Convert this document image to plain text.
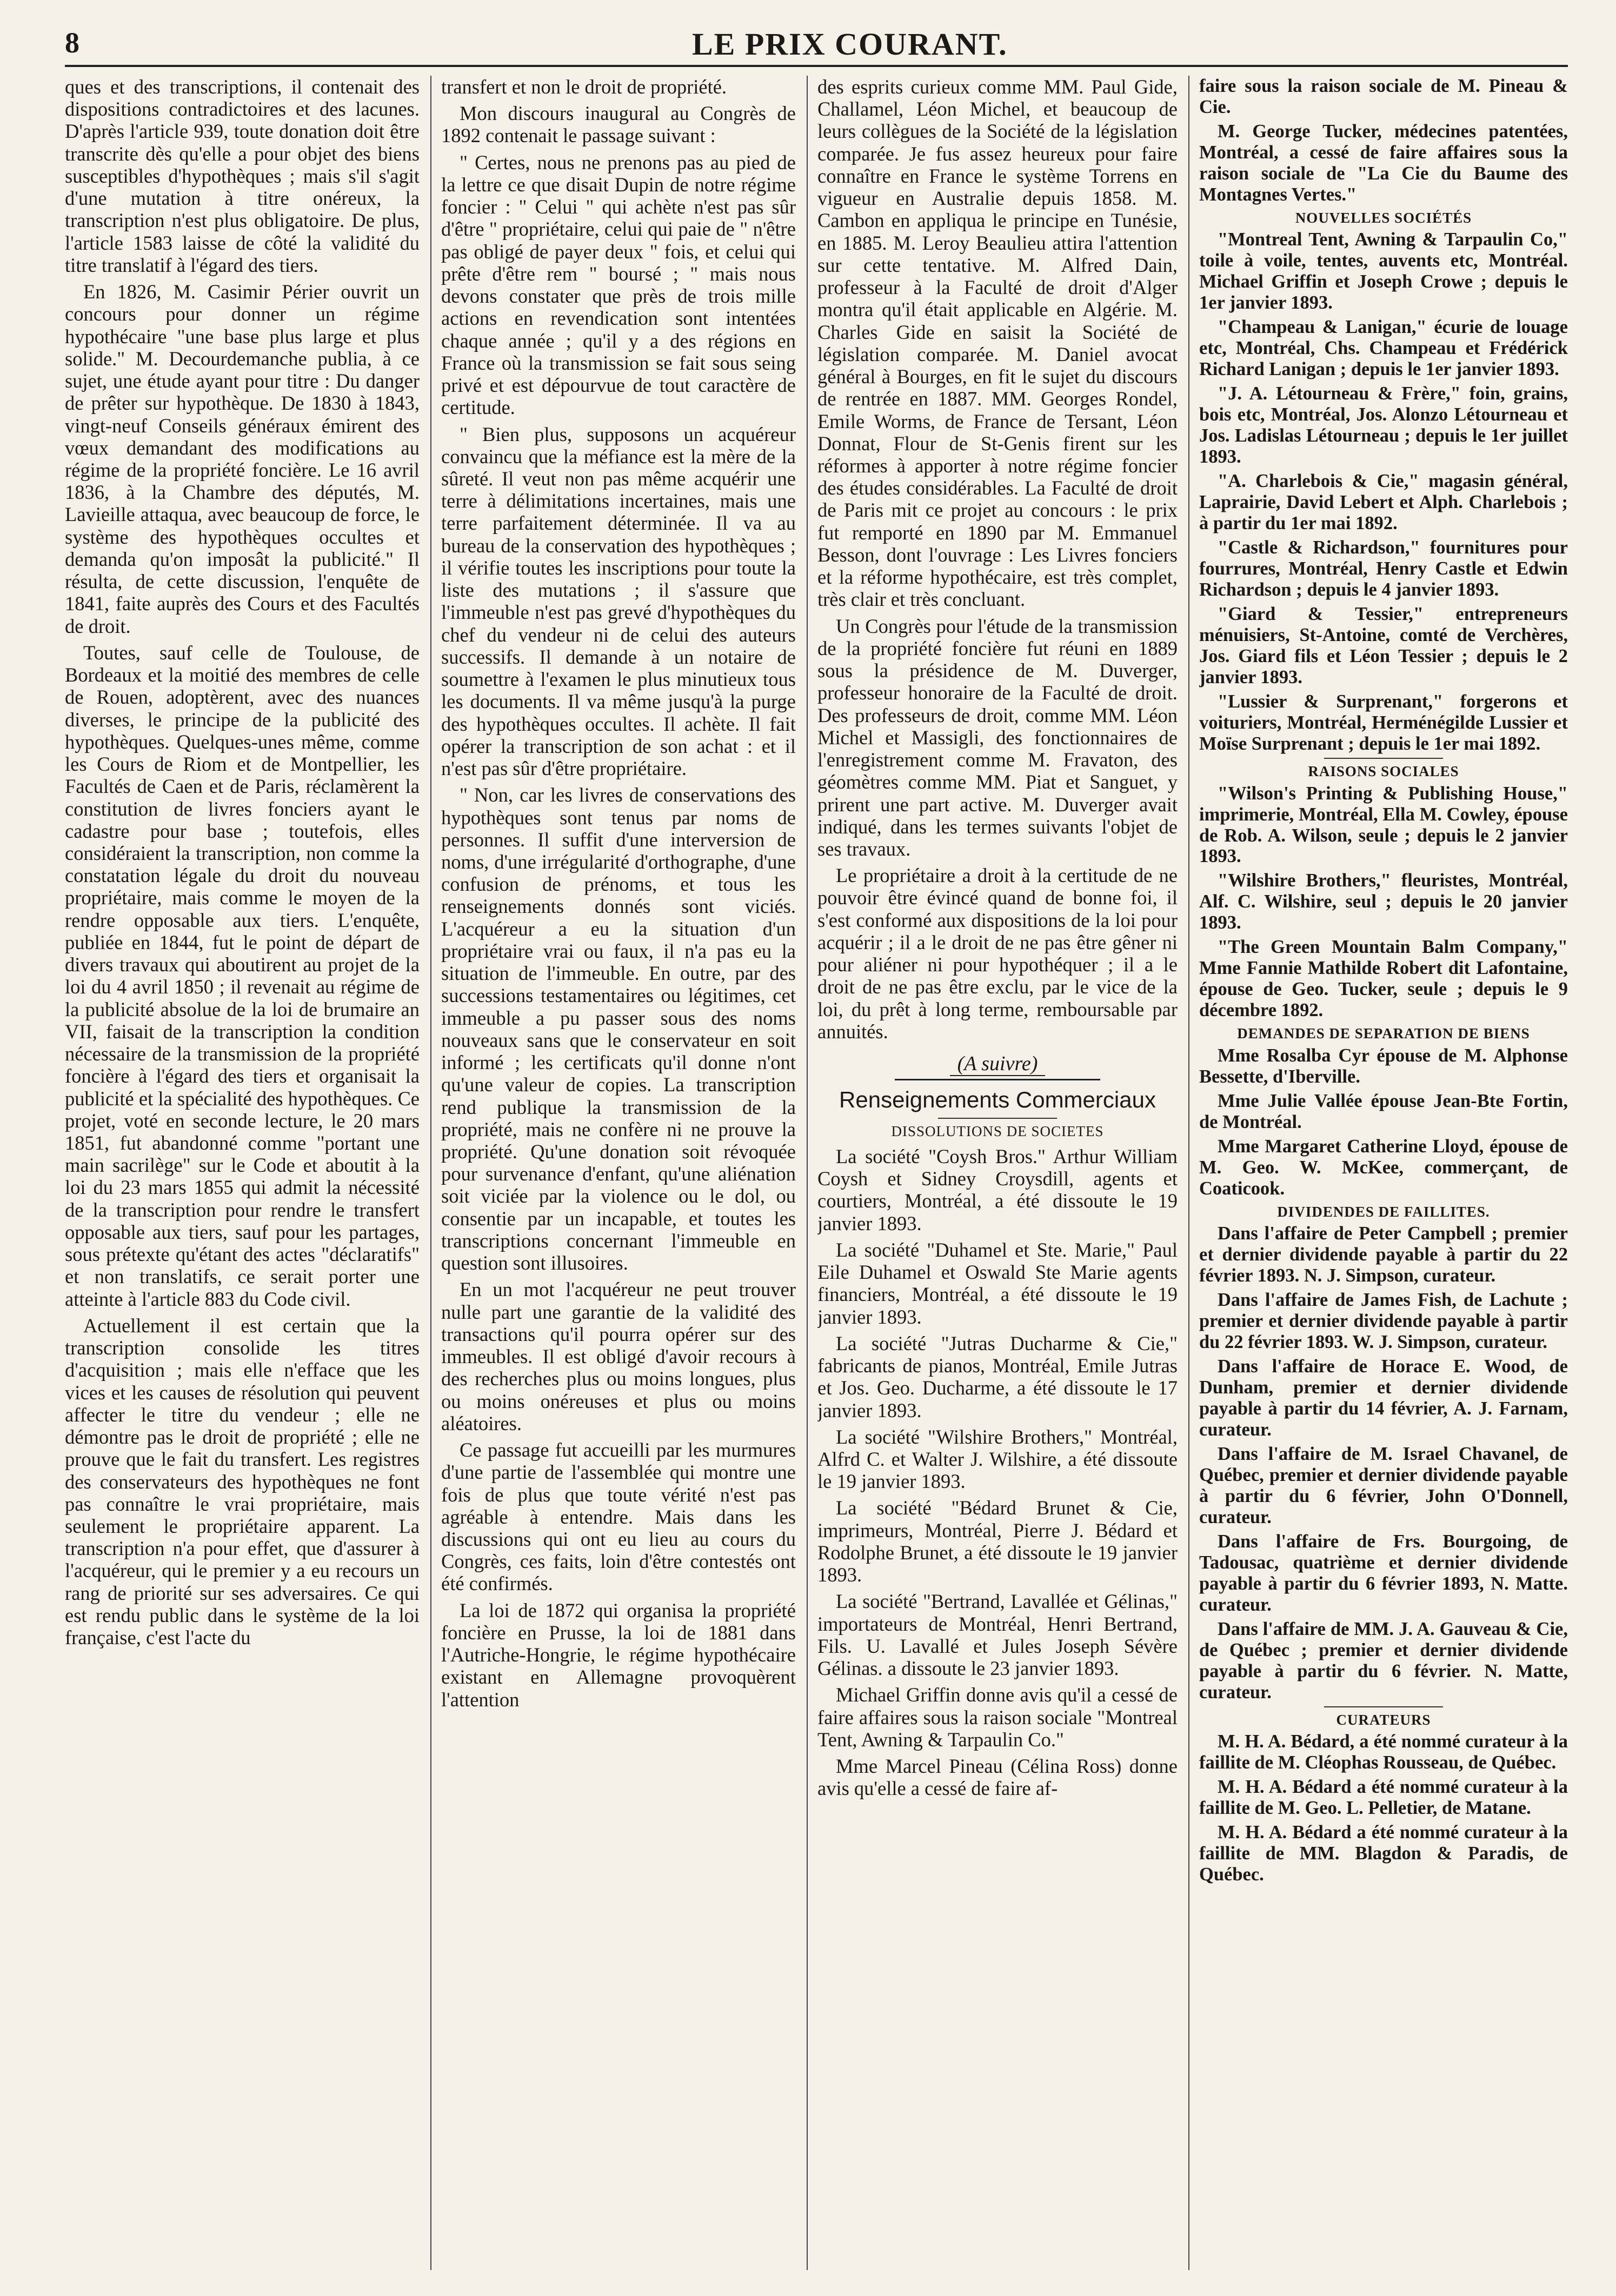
8	LE PRIX COURANT.

ques et des transcriptions, il contenait des dispositions contradictoires et des lacunes. D'après l'article 939, toute donation doit être transcrite dès qu'elle a pour objet des biens susceptibles d'hypothèques ; mais s'il s'agit d'une mutation à titre onéreux, la transcription n'est plus obligatoire. De plus, l'article 1583 laisse de côté la validité du titre translatif à l'égard des tiers.

En 1826, M. Casimir Périer ouvrit un concours pour donner un régime hypothécaire "une base plus large et plus solide." M. Decourdemanche publia, à ce sujet, une étude ayant pour titre : Du danger de prêter sur hypothèque. De 1830 à 1843, vingt-neuf Conseils généraux émirent des vœux demandant des modifications au régime de la propriété foncière. Le 16 avril 1836, à la Chambre des députés, M. Lavieille attaqua, avec beaucoup de force, le système des hypothèques occultes et demanda qu'on imposât la publicité." Il résulta, de cette discussion, l'enquête de 1841, faite auprès des Cours et des Facultés de droit.

Toutes, sauf celle de Toulouse, de Bordeaux et la moitié des membres de celle de Rouen, adoptèrent, avec des nuances diverses, le principe de la publicité des hypothèques. Quelques-unes même, comme les Cours de Riom et de Montpellier, les Facultés de Caen et de Paris, réclamèrent la constitution de livres fonciers ayant le cadastre pour base ; toutefois, elles considéraient la transcription, non comme la constatation légale du droit du nouveau propriétaire, mais comme le moyen de la rendre opposable aux tiers. L'enquête, publiée en 1844, fut le point de départ de divers travaux qui aboutirent au projet de la loi du 4 avril 1850 ; il revenait au régime de la publicité absolue de la loi de brumaire an VII, faisait de la transcription la condition nécessaire de la transmission de la propriété foncière à l'égard des tiers et organisait la publicité et la spécialité des hypothèques. Ce projet, voté en seconde lecture, le 20 mars 1851, fut abandonné comme "portant une main sacrilège" sur le Code et aboutit à la loi du 23 mars 1855 qui admit la nécessité de la transcription pour rendre le transfert opposable aux tiers, sauf pour les partages, sous prétexte qu'étant des actes "déclaratifs" et non translatifs, ce serait porter une atteinte à l'article 883 du Code civil.

Actuellement il est certain que la transcription consolide les titres d'acquisition ; mais elle n'efface que les vices et les causes de résolution qui peuvent affecter le titre du vendeur ; elle ne démontre pas le droit de propriété ; elle ne prouve que le fait du transfert. Les registres des conservateurs des hypothèques ne font pas connaître le vrai propriétaire, mais seulement le propriétaire apparent. La transcription n'a pour effet, que d'assurer à l'acquéreur, qui le premier y a eu recours un rang de priorité sur ses adversaires. Ce qui est rendu public dans le système de la loi française, c'est l'acte du

transfert et non le droit de propriété.

Mon discours inaugural au Congrès de 1892 contenait le passage suivant :

" Certes, nous ne prenons pas au pied de la lettre ce que disait Dupin de notre régime foncier : " Celui " qui achète n'est pas sûr d'être " propriétaire, celui qui paie de " n'être pas obligé de payer deux " fois, et celui qui prête d'être rem " boursé ; " mais nous devons constater que près de trois mille actions en revendication sont intentées chaque année ; qu'il y a des régions en France où la transmission se fait sous seing privé et est dépourvue de tout caractère de certitude.

" Bien plus, supposons un acquéreur convaincu que la méfiance est la mère de la sûreté. Il veut non pas même acquérir une terre à délimitations incertaines, mais une terre parfaitement déterminée. Il va au bureau de la conservation des hypothèques ; il vérifie toutes les inscriptions pour toute la liste des mutations ; il s'assure que l'immeuble n'est pas grevé d'hypothèques du chef du vendeur ni de celui des auteurs successifs. Il demande à un notaire de soumettre à l'examen le plus minutieux tous les documents. Il va même jusqu'à la purge des hypothèques occultes. Il achète. Il fait opérer la transcription de son achat : et il n'est pas sûr d'être propriétaire.

" Non, car les livres de conservations des hypothèques sont tenus par noms de personnes. Il suffit d'une interversion de noms, d'une irrégularité d'orthographe, d'une confusion de prénoms, et tous les renseignements donnés sont viciés. L'acquéreur a eu la situation d'un propriétaire vrai ou faux, il n'a pas eu la situation de l'immeuble. En outre, par des successions testamentaires ou légitimes, cet immeuble a pu passer sous des noms nouveaux sans que le conservateur en soit informé ; les certificats qu'il donne n'ont qu'une valeur de copies. La transcription rend publique la transmission de la propriété, mais ne confère ni ne prouve la propriété. Qu'une donation soit révoquée pour survenance d'enfant, qu'une aliénation soit viciée par la violence ou le dol, ou consentie par un incapable, et toutes les transcriptions concernant l'immeuble en question sont illusoires.

En un mot l'acquéreur ne peut trouver nulle part une garantie de la validité des transactions qu'il pourra opérer sur des immeubles. Il est obligé d'avoir recours à des recherches plus ou moins longues, plus ou moins onéreuses et plus ou moins aléatoires.

Ce passage fut accueilli par les murmures d'une partie de l'assemblée qui montre une fois de plus que toute vérité n'est pas agréable à entendre. Mais dans les discussions qui ont eu lieu au cours du Congrès, ces faits, loin d'être contestés ont été confirmés.

La loi de 1872 qui organisa la propriété foncière en Prusse, la loi de 1881 dans l'Autriche-Hongrie, le régime hypothécaire existant en Allemagne provoquèrent l'attention

des esprits curieux comme MM. Paul Gide, Challamel, Léon Michel, et beaucoup de leurs collègues de la Société de la législation comparée. Je fus assez heureux pour faire connaître en France le système Torrens en vigueur en Australie depuis 1858. M. Cambon en appliqua le principe en Tunésie, en 1885. M. Leroy Beaulieu attira l'attention sur cette tentative. M. Alfred Dain, professeur à la Faculté de droit d'Alger montra qu'il était applicable en Algérie. M. Charles Gide en saisit la Société de législation comparée. M. Daniel avocat général à Bourges, en fit le sujet du discours de rentrée en 1887. MM. Georges Rondel, Emile Worms, de France de Tersant, Léon Donnat, Flour de St-Genis firent sur les réformes à apporter à notre régime foncier des études considérables. La Faculté de droit de Paris mit ce projet au concours : le prix fut remporté en 1890 par M. Emmanuel Besson, dont l'ouvrage : Les Livres fonciers et la réforme hypothécaire, est très complet, très clair et très concluant.

Un Congrès pour l'étude de la transmission de la propriété foncière fut réuni en 1889 sous la présidence de M. Duverger, professeur honoraire de la Faculté de droit. Des professeurs de droit, comme MM. Léon Michel et Massigli, des fonctionnaires de l'enregistrement comme M. Fravaton, des géomètres comme MM. Piat et Sanguet, y prirent une part active. M. Duverger avait indiqué, dans les termes suivants l'objet de ses travaux.

Le propriétaire a droit à la certitude de ne pouvoir être évincé quand de bonne foi, il s'est conformé aux dispositions de la loi pour acquérir ; il a le droit de ne pas être gêner ni pour aliéner ni pour hypothéquer ; il a le droit de ne pas être exclu, par le vice de la loi, du prêt à long terme, remboursable par annuités.

(A suivre)
Renseignements Commerciaux
DISSOLUTIONS DE SOCIETES

La société "Coysh Bros." Arthur William Coysh et Sidney Croysdill, agents et courtiers, Montréal, a été dissoute le 19 janvier 1893.

La société "Duhamel et Ste. Marie," Paul Eile Duhamel et Oswald Ste Marie agents financiers, Montréal, a été dissoute le 19 janvier 1893.

La société "Jutras Ducharme & Cie," fabricants de pianos, Montréal, Emile Jutras et Jos. Geo. Ducharme, a été dissoute le 17 janvier 1893.

La société "Wilshire Brothers," Montréal, Alfrd C. et Walter J. Wilshire, a été dissoute le 19 janvier 1893.

La société "Bédard Brunet & Cie, imprimeurs, Montréal, Pierre J. Bédard et Rodolphe Brunet, a été dissoute le 19 janvier 1893.

La société "Bertrand, Lavallée et Gélinas," importateurs de Montréal, Henri Bertrand, Fils. U. Lavallé et Jules Joseph Sévère Gélinas. a dissoute le 23 janvier 1893.

Michael Griffin donne avis qu'il a cessé de faire affaires sous la raison sociale "Montreal Tent, Awning & Tarpaulin Co."

Mme Marcel Pineau (Célina Ross) donne avis qu'elle a cessé de faire af-

faire sous la raison sociale de M. Pineau & Cie.

M. George Tucker, médecines patentées, Montréal, a cessé de faire affaires sous la raison sociale de "La Cie du Baume des Montagnes Vertes."

NOUVELLES SOCIÉTÉS

"Montreal Tent, Awning & Tarpaulin Co," toile à voile, tentes, auvents etc, Montréal. Michael Griffin et Joseph Crowe ; depuis le 1er janvier 1893.

"Champeau & Lanigan," écurie de louage etc, Montréal, Chs. Champeau et Frédérick Richard Lanigan ; depuis le 1er janvier 1893.

"J. A. Létourneau & Frère," foin, grains, bois etc, Montréal, Jos. Alonzo Létourneau et Jos. Ladislas Létourneau ; depuis le 1er juillet 1893.

"A. Charlebois & Cie," magasin général, Laprairie, David Lebert et Alph. Charlebois ; à partir du 1er mai 1892.

"Castle & Richardson," fournitures pour fourrures, Montréal, Henry Castle et Edwin Richardson ; depuis le 4 janvier 1893.

"Giard & Tessier," entrepreneurs ménuisiers, St-Antoine, comté de Verchères, Jos. Giard fils et Léon Tessier ; depuis le 2 janvier 1893.

"Lussier & Surprenant," forgerons et voituriers, Montréal, Herménégilde Lussier et Moïse Surprenant ; depuis le 1er mai 1892.

RAISONS SOCIALES

"Wilson's Printing & Publishing House," imprimerie, Montréal, Ella M. Cowley, épouse de Rob. A. Wilson, seule ; depuis le 2 janvier 1893.

"Wilshire Brothers," fleuristes, Montréal, Alf. C. Wilshire, seul ; depuis le 20 janvier 1893.

"The Green Mountain Balm Company," Mme Fannie Mathilde Robert dit Lafontaine, épouse de Geo. Tucker, seule ; depuis le 9 décembre 1892.

DEMANDES DE SEPARATION DE BIENS

Mme Rosalba Cyr épouse de M. Alphonse Bessette, d'Iberville.

Mme Julie Vallée épouse Jean-Bte Fortin, de Montréal.

Mme Margaret Catherine Lloyd, épouse de M. Geo. W. McKee, commerçant, de Coaticook.

DIVIDENDES DE FAILLITES.

Dans l'affaire de Peter Campbell ; premier et dernier dividende payable à partir du 22 février 1893. N. J. Simpson, curateur.

Dans l'affaire de James Fish, de Lachute ; premier et dernier dividende payable à partir du 22 février 1893. W. J. Simpson, curateur.

Dans l'affaire de Horace E. Wood, de Dunham, premier et dernier dividende payable à partir du 14 février, A. J. Farnam, curateur.

Dans l'affaire de M. Israel Chavanel, de Québec, premier et dernier dividende payable à partir du 6 février, John O'Donnell, curateur.

Dans l'affaire de Frs. Bourgoing, de Tadousac, quatrième et dernier dividende payable à partir du 6 février 1893, N. Matte. curateur.

Dans l'affaire de MM. J. A. Gauveau & Cie, de Québec ; premier et dernier dividende payable à partir du 6 février. N. Matte, curateur.

CURATEURS

M. H. A. Bédard, a été nommé curateur à la faillite de M. Cléophas Rousseau, de Québec.

M. H. A. Bédard a été nommé curateur à la faillite de M. Geo. L. Pelletier, de Matane.

M. H. A. Bédard a été nommé curateur à la faillite de MM. Blagdon & Paradis, de Québec.
